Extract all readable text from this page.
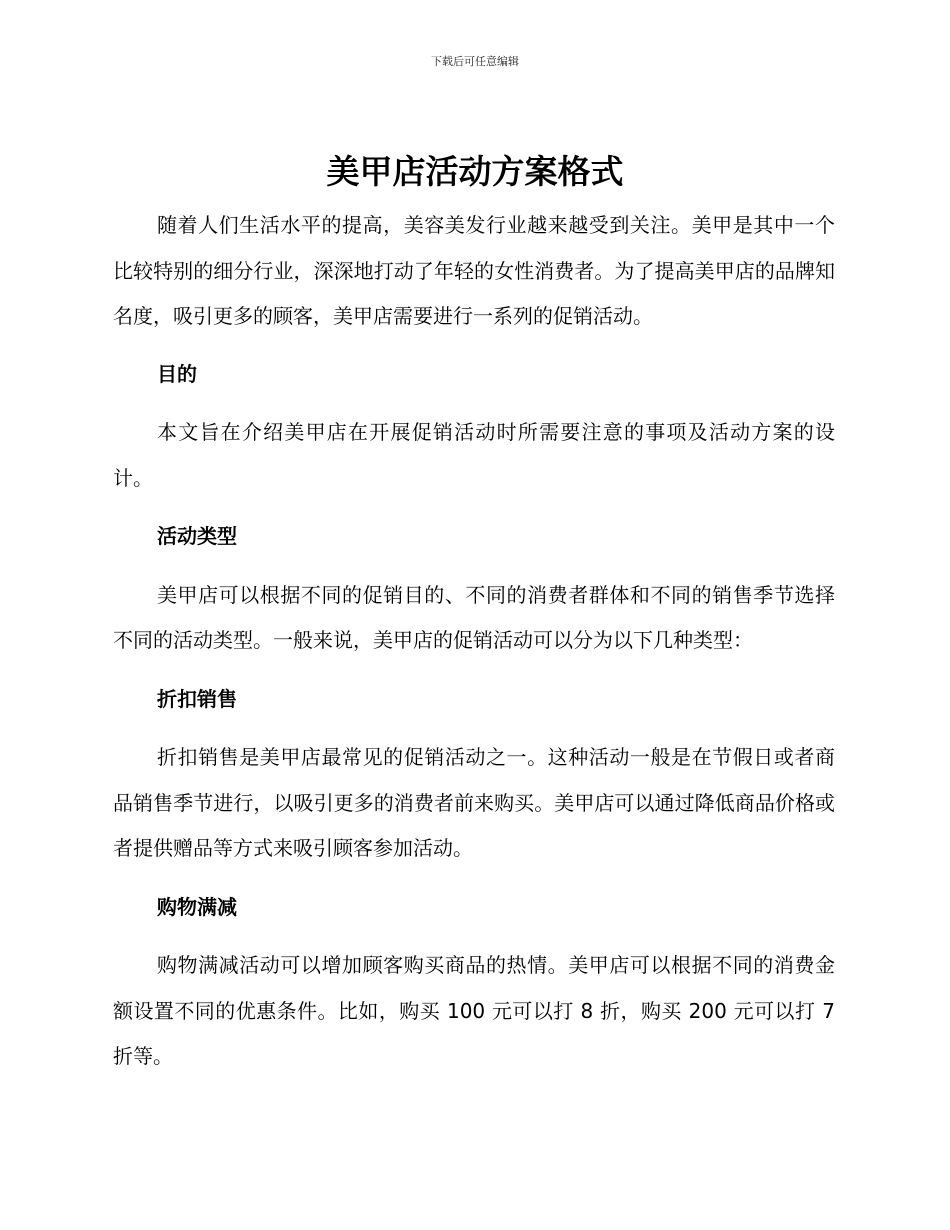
下载后可任意编辑
美甲店活动方案格式

随着人们生活水平的提高，美容美发行业越来越受到关注。美甲是其中一个比较特别的细分行业，深深地打动了年轻的女性消费者。为了提高美甲店的品牌知名度，吸引更多的顾客，美甲店需要进行一系列的促销活动。

目的

本文旨在介绍美甲店在开展促销活动时所需要注意的事项及活动方案的设计。

活动类型

美甲店可以根据不同的促销目的、不同的消费者群体和不同的销售季节选择不同的活动类型。一般来说，美甲店的促销活动可以分为以下几种类型：

折扣销售

折扣销售是美甲店最常见的促销活动之一。这种活动一般是在节假日或者商品销售季节进行，以吸引更多的消费者前来购买。美甲店可以通过降低商品价格或者提供赠品等方式来吸引顾客参加活动。

购物满减

购物满减活动可以增加顾客购买商品的热情。美甲店可以根据不同的消费金额设置不同的优惠条件。比如，购买 100 元可以打 8 折，购买 200 元可以打 7 折等。
